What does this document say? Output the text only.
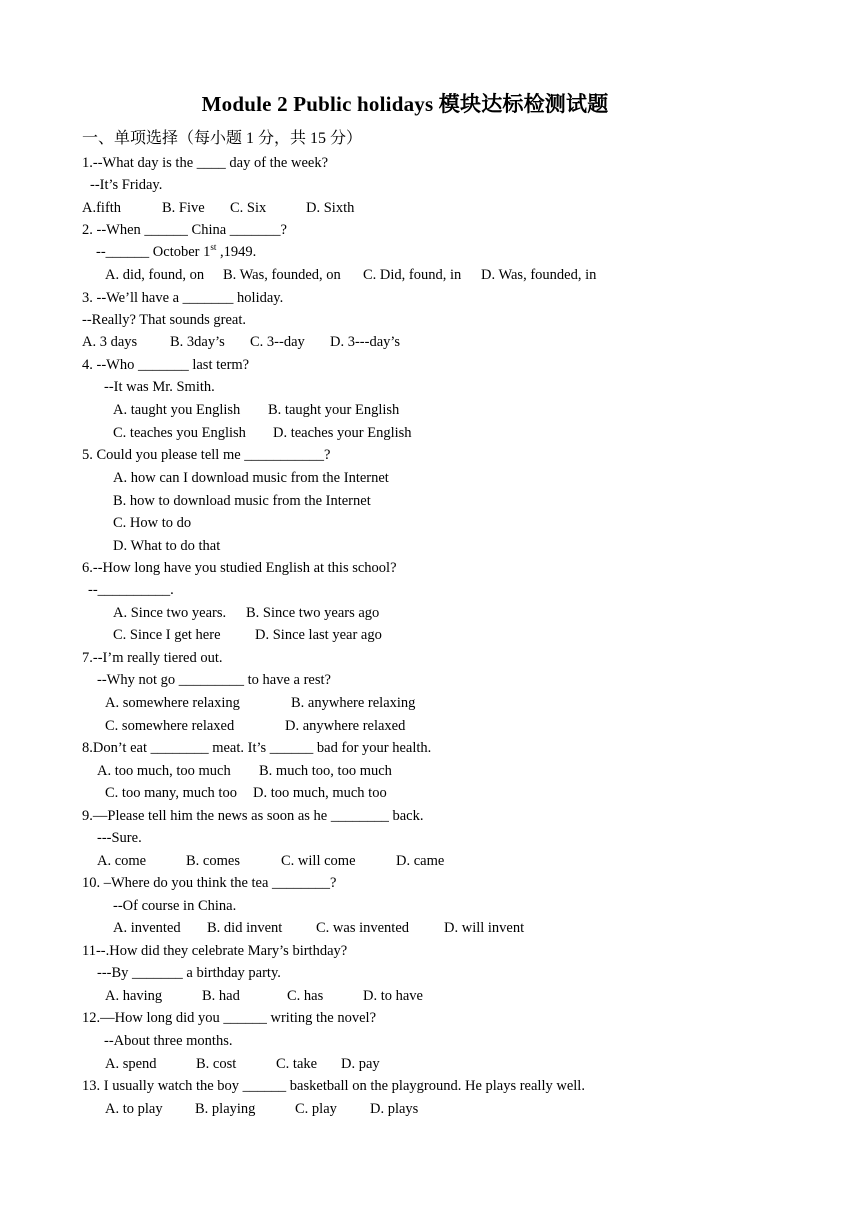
Module 2 Public holidays 模块达标检测试题
一、单项选择（每小题 1 分，共 15 分）
1.--What day is the ____ day of the week?
--It’s Friday.
A.fifth	B. Five C. Six	D. Sixth
2. --When ______ China _______?
--______ October 1st ,1949.
A. did, found, on B. Was, founded, on C. Did, found, in D. Was, founded, in
3. --We’ll have a _______ holiday.
--Really? That sounds great.
A. 3 days B. 3day’s C. 3--day D. 3---day’s
4. --Who _______ last term?
--It was Mr. Smith.
A. taught you English B. taught your English
C. teaches you English D. teaches your English
5. Could you please tell me ___________?
A. how can I download music from the Internet
B. how to download music from the Internet
C. How to do
D. What to do that
6.--How long have you studied English at this school?
--__________.
A. Since two years. B. Since two years ago
C. Since I get here D. Since last year ago
7.--I’m really tiered out.
--Why not go _________ to have a rest?
A. somewhere relaxing	B. anywhere relaxing
C. somewhere relaxed	D. anywhere relaxed
8.Don’t eat ________ meat. It’s ______ bad for your health.
A. too much, too much B. much too, too much
C. too many, much too D. too much, much too
9.—Please tell him the news as soon as he ________ back.
---Sure.
A. come	B. comes	C. will come	D. came
10. –Where do you think the tea ________?
--Of course in China.
A. invented B. did invent C. was invented D. will invent
11--.How did they celebrate Mary’s birthday?
---By _______ a birthday party.
A. having	B. had	C. has	D. to have
12.—How long did you ______ writing the novel?
--About three months.
A. spend	B. cost	C. take D. pay
13. I usually watch the boy ______ basketball on the playground. He plays really well.
A. to play B. playing	C. play D. plays
